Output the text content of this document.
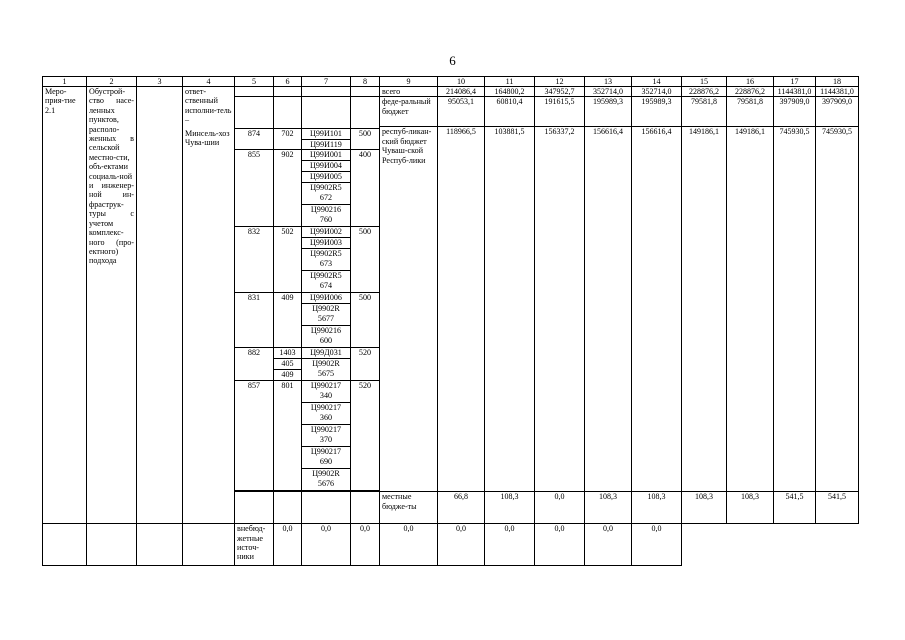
6
1	2	3	4	5	6	7	8	9	10	11	12	13	14	15	16	17	18
Меро-прия-тие 2.1	Обустрой-ство насе-ленных пунктов, располо-женных в сельской местно-сти, объ-ектами социаль-ной и инженер-ной ин-фраструк-туры с учетом комплекс-ного (про-ектного) подхода		ответ-ственный исполни-тель –					всего	214086,4	164800,2	347952,7	352714,0	352714,0	228876,2	228876,2	1144381,0	1144381,0
								феде-ральный бюджет	95053,1	60810,4	191615,5	195989,3	195989,3	79581,8	79581,8	397909,0	397909,0
								респуб-ликан-ский бюджет Чуваш-ской Респуб-лики	118966,5	103881,5	156337,2	156616,4	156616,4	149186,1	149186,1	745930,5	745930,5
			Минсель-хоз Чува-шии	874	702	Ц99И101	500										
						Ц99И119											
				855	902	Ц99И001	400										
						Ц99И004											
						Ц99И005											
						Ц9902R5 672											
						Ц990216 760											
				832	502	Ц99И002	500										
						Ц99И003											
						Ц9902R5 673											
						Ц9902R5 674											
				831	409	Ц99И006	500										
						Ц9902R 5677											
						Ц990216 600											
				882	1403	Ц99Д031	520										
					405	Ц9902R 5675											
					409												
				857	801	Ц990217 340	520										
						Ц990217 360											
						Ц990217 370											
						Ц990217 690											
						Ц9902R 5676											

								местные бюдже-ты	66,8	108,3	0,0	108,3	108,3	108,3	108,3	541,5	541,5
				внебюд-жетные источ-ники	0,0	0,0	0,0	0,0	0,0	0,0	0,0	0,0	0,0				
